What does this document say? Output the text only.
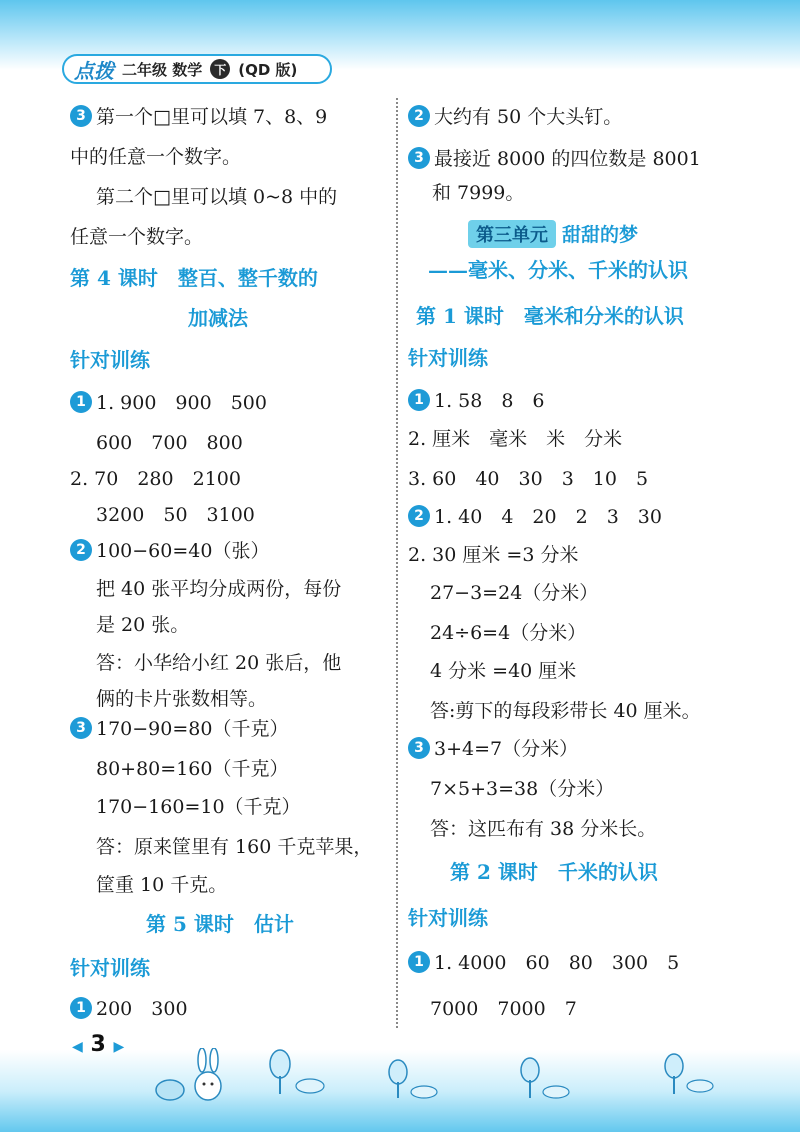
点拨 二年级 数学 下 (QD 版)
3 第一个□里可以填 7、8、9
中的任意一个数字。
第二个□里可以填 0~8 中的
任意一个数字。
第 4 课时　整百、整千数的
加减法
针对训练
1 1. 900　900　500
600　700　800
2. 70　280　2100
3200　50　3100
2 100−60=40（张）
把 40 张平均分成两份，每份
是 20 张。
答：小华给小红 20 张后，他
俩的卡片张数相等。
3 170−90=80（千克）
80+80=160（千克）
170−160=10（千克）
答：原来筐里有 160 千克苹果，
筐重 10 千克。
第 5 课时　估计
针对训练
1 200　300
2 大约有 50 个大头钉。
3 最接近 8000 的四位数是 8001
和 7999。
第三单元 甜甜的梦
——毫米、分米、千米的认识
第 1 课时　毫米和分米的认识
针对训练
1 1. 58　8　6
2. 厘米　毫米　米　分米
3. 60　40　30　3　10　5
2 1. 40　4　20　2　3　30
2. 30 厘米 =3 分米
27−3=24（分米）
24÷6=4（分米）
4 分米 =40 厘米
答:剪下的每段彩带长 40 厘米。
3 3+4=7（分米）
7×5+3=38（分米）
答：这匹布有 38 分米长。
第 2 课时　千米的认识
针对训练
1 1. 4000　60　80　300　5
7000　7000　7
◀ 3 ▶
